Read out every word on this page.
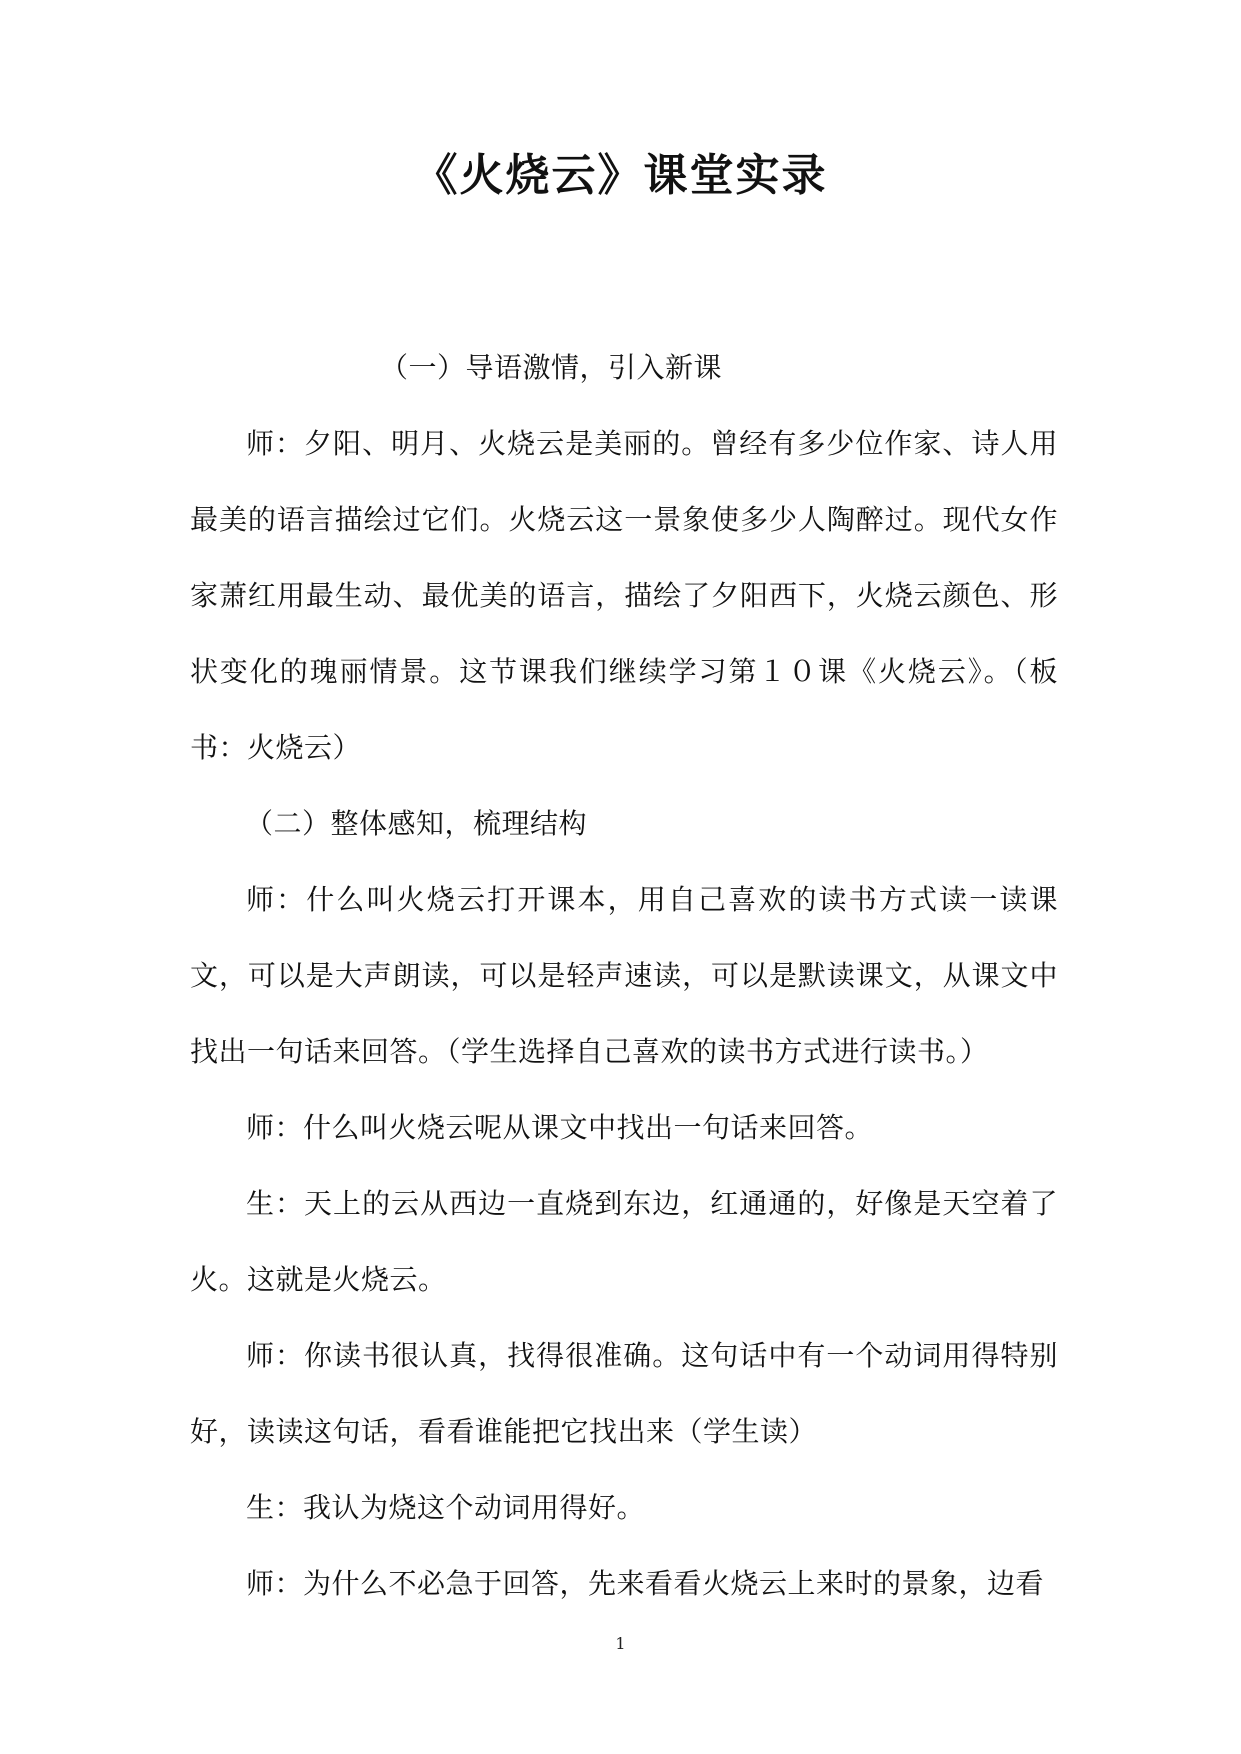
《火烧云》课堂实录

（一）导语激情，引入新课

师：夕阳、明月、火烧云是美丽的。曾经有多少位作家、诗人用最美的语言描绘过它们。火烧云这一景象使多少人陶醉过。现代女作家萧红用最生动、最优美的语言，描绘了夕阳西下，火烧云颜色、形状变化的瑰丽情景。这节课我们继续学习第１０课《火烧云》。（板书：火烧云）

（二）整体感知，梳理结构

师：什么叫火烧云打开课本，用自己喜欢的读书方式读一读课文，可以是大声朗读，可以是轻声速读，可以是默读课文，从课文中找出一句话来回答。（学生选择自己喜欢的读书方式进行读书。）

师：什么叫火烧云呢从课文中找出一句话来回答。

生：天上的云从西边一直烧到东边，红通通的，好像是天空着了火。这就是火烧云。

师：你读书很认真，找得很准确。这句话中有一个动词用得特别好，读读这句话，看看谁能把它找出来（学生读）

生：我认为烧这个动词用得好。

师：为什么不必急于回答，先来看看火烧云上来时的景象，边看

1
